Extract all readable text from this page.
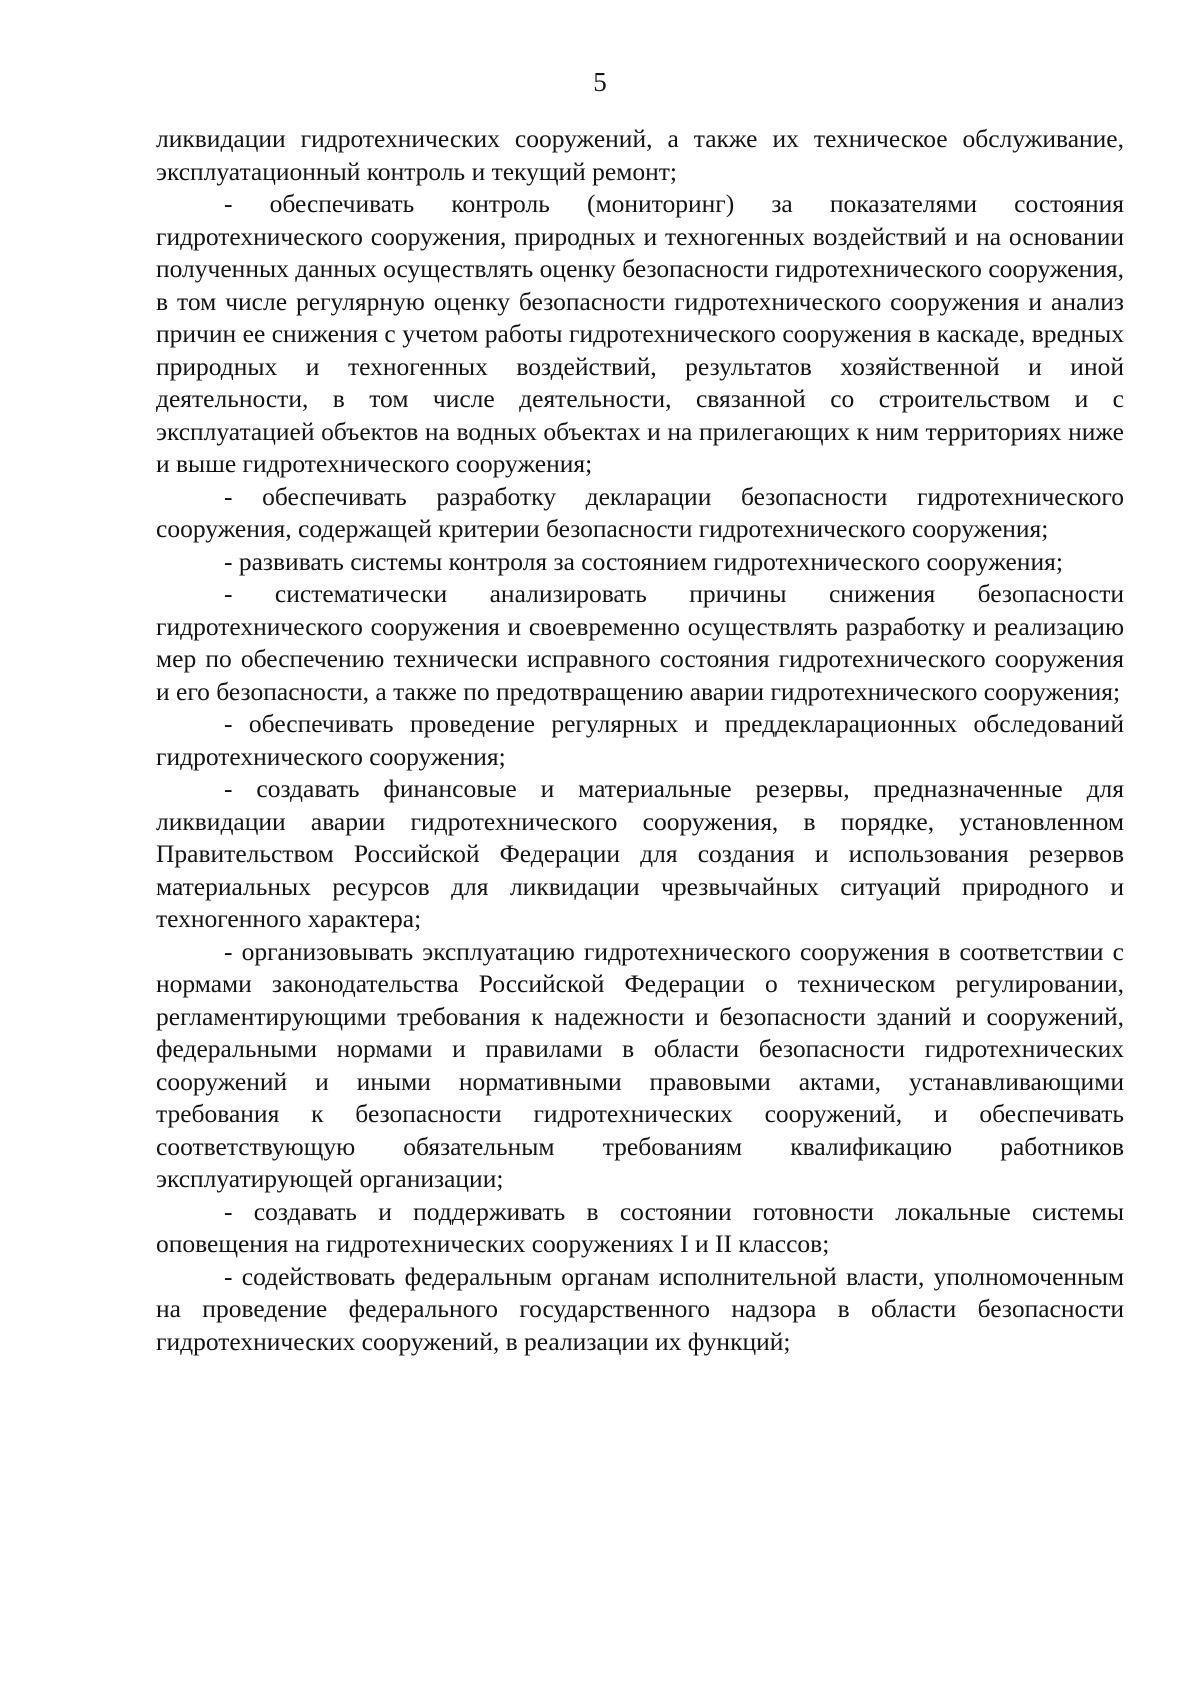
5

ликвидации гидротехнических сооружений, а также их техническое обслуживание, эксплуатационный контроль и текущий ремонт;

- обеспечивать контроль (мониторинг) за показателями состояния гидротехнического сооружения, природных и техногенных воздействий и на основании полученных данных осуществлять оценку безопасности гидротехнического сооружения, в том числе регулярную оценку безопасности гидротехнического сооружения и анализ причин ее снижения с учетом работы гидротехнического сооружения в каскаде, вредных природных и техногенных воздействий, результатов хозяйственной и иной деятельности, в том числе деятельности, связанной со строительством и с эксплуатацией объектов на водных объектах и на прилегающих к ним территориях ниже и выше гидротехнического сооружения;

- обеспечивать разработку декларации безопасности гидротехнического сооружения, содержащей критерии безопасности гидротехнического сооружения;

- развивать системы контроля за состоянием гидротехнического сооружения;

- систематически анализировать причины снижения безопасности гидротехнического сооружения и своевременно осуществлять разработку и реализацию мер по обеспечению технически исправного состояния гидротехнического сооружения и его безопасности, а также по предотвращению аварии гидротехнического сооружения;

- обеспечивать проведение регулярных и преддекларационных обследований гидротехнического сооружения;

- создавать финансовые и материальные резервы, предназначенные для ликвидации аварии гидротехнического сооружения, в порядке, установленном Правительством Российской Федерации для создания и использования резервов материальных ресурсов для ликвидации чрезвычайных ситуаций природного и техногенного характера;

- организовывать эксплуатацию гидротехнического сооружения в соответствии с нормами законодательства Российской Федерации о техническом регулировании, регламентирующими требования к надежности и безопасности зданий и сооружений, федеральными нормами и правилами в области безопасности гидротехнических сооружений и иными нормативными правовыми актами, устанавливающими требования к безопасности гидротехнических сооружений, и обеспечивать соответствующую обязательным требованиям квалификацию работников эксплуатирующей организации;

- создавать и поддерживать в состоянии готовности локальные системы оповещения на гидротехнических сооружениях I и II классов;

- содействовать федеральным органам исполнительной власти, уполномоченным на проведение федерального государственного надзора в области безопасности гидротехнических сооружений, в реализации их функций;
